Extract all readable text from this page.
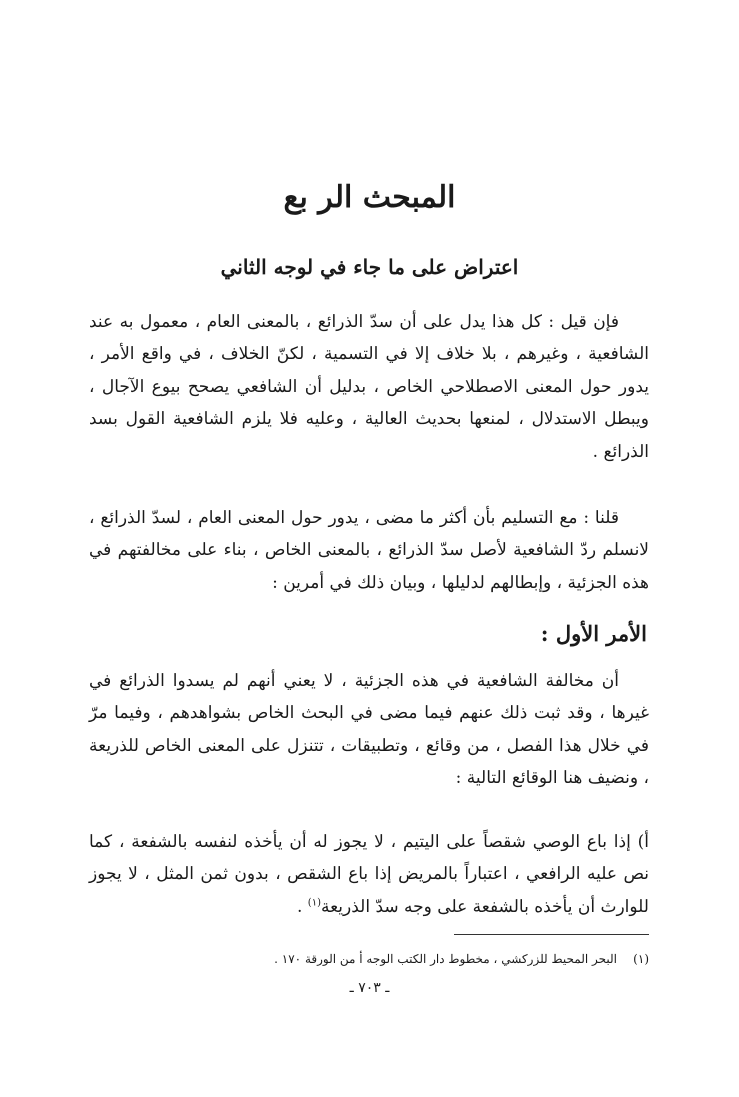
المبحث الر بع
اعتراض على ما جاء في لوجه الثاني

فإن قيل : كل هذا يدل على أن سدّ الذرائع ، بالمعنى العام ، معمول به عند الشافعية ، وغيرهم ، بلا خلاف إلا في التسمية ، لكنّ الخلاف ، في واقع الأمر ، يدور حول المعنى الاصطلاحي الخاص ، بدليل أن الشافعي يصحح بيوع الآجال ، ويبطل الاستدلال ، لمنعها بحديث العالية ، وعليه فلا يلزم الشافعية القول بسد الذرائع .

قلنا : مع التسليم بأن أكثر ما مضى ، يدور حول المعنى العام ، لسدّ الذرائع ، لانسلم ردّ الشافعية لأصل سدّ الذرائع ، بالمعنى الخاص ، بناء على مخالفتهم في هذه الجزئية ، وإبطالهم لدليلها ، وبيان ذلك في أمرين :

الأمر الأول :

أن مخالفة الشافعية في هذه الجزئية ، لا يعني أنهم لم يسدوا الذرائع في غيرها ، وقد ثبت ذلك عنهم فيما مضى في البحث الخاص بشواهدهم ، وفيما مرّ في خلال هذا الفصل ، من وقائع ، وتطبيقات ، تتنزل على المعنى الخاص للذريعة ، ونضيف هنا الوقائع التالية :

أ) إذا باع الوصي شقصاً على اليتيم ، لا يجوز له أن يأخذه لنفسه بالشفعة ، كما نص عليه الرافعي ، اعتباراً بالمريض إذا باع الشقص ، بدون ثمن المثل ، لا يجوز للوارث أن يأخذه بالشفعة على وجه سدّ الذريعة$^{(١)}$ .

(١)البحر المحيط للزركشي ، مخطوط دار الكتب الوجه أ من الورقة ١٧٠ .

ـ ٧٠٣ ـ
